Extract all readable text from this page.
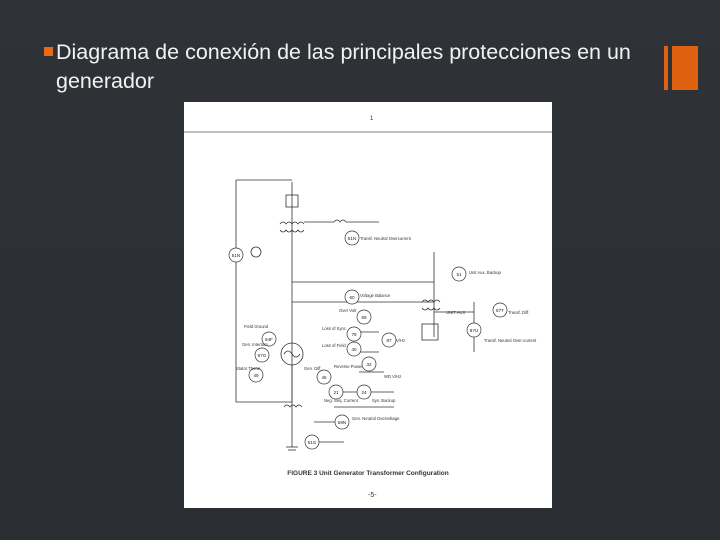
Diagrama de conexión de las principales protecciones en un generador
51N
51N
51
60
59
87T
78
40
87
87U
64F
87G
32
46
49
21	24
59N
51G
Transf. Neutral Overcurrent
Unit Aux. Backup
Voltage Balance
Over Volt	UNIT AUX	Transf. Diff.
Loss of Sync
Loss of Field
Field Ground
Gen. Interturn
Stator Therm.	Gen. Diff.	Reverse Power
Transf. Neutral Over-current
V/Hz
WD V/Hz
Neg. Seq. Current	Sys. Backup
Gen. Neutral Overvoltage
1
FIGURE 3 Unit Generator Transformer Configuration
-5-
